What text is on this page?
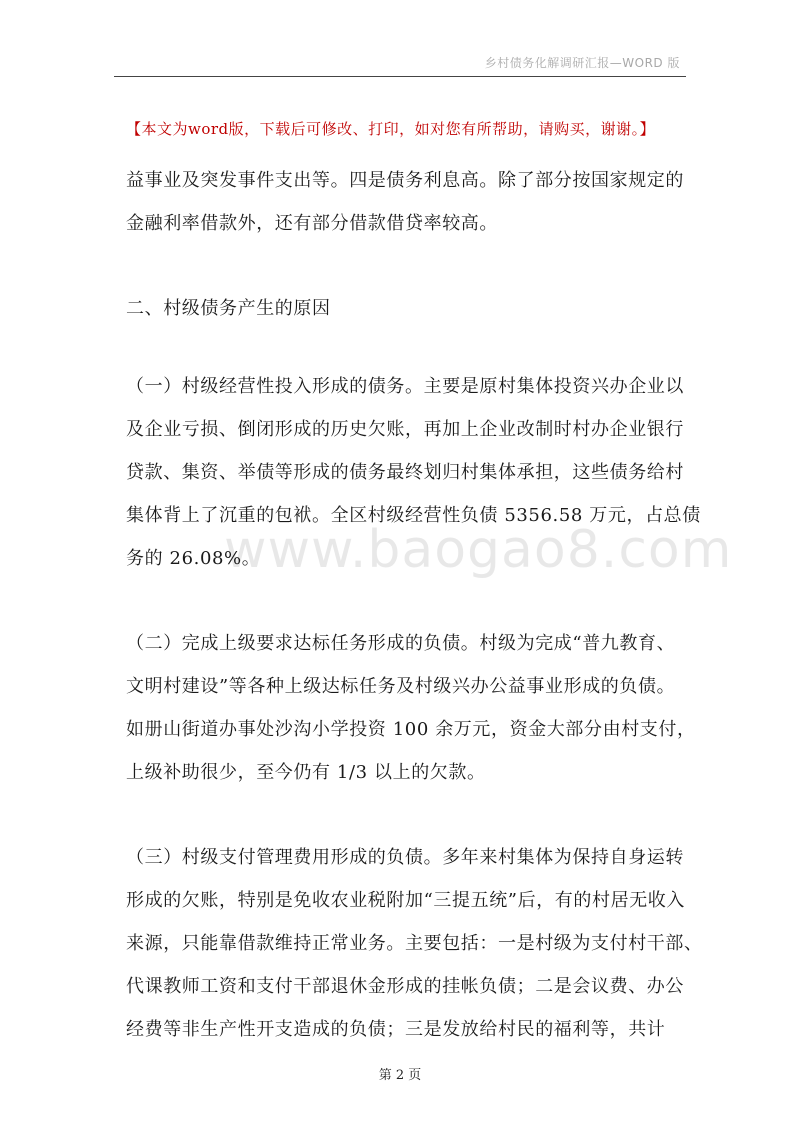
乡村债务化解调研汇报—WORD 版
【本文为word版，下载后可修改、打印，如对您有所帮助，请购买，谢谢。】
www.baogao8.com
益事业及突发事件支出等。四是债务利息高。除了部分按国家规定的
金融利率借款外，还有部分借款借贷率较高。
二、村级债务产生的原因
（一）村级经营性投入形成的债务。主要是原村集体投资兴办企业以
及企业亏损、倒闭形成的历史欠账，再加上企业改制时村办企业银行
贷款、集资、举债等形成的债务最终划归村集体承担，这些债务给村
集体背上了沉重的包袱。全区村级经营性负债 5356.58 万元，占总债
务的 26.08%。
（二）完成上级要求达标任务形成的负债。村级为完成“普九教育、
文明村建设”等各种上级达标任务及村级兴办公益事业形成的负债。
如册山街道办事处沙沟小学投资 100 余万元，资金大部分由村支付，
上级补助很少，至今仍有 1/3 以上的欠款。
（三）村级支付管理费用形成的负债。多年来村集体为保持自身运转
形成的欠账，特别是免收农业税附加“三提五统”后，有的村居无收入
来源，只能靠借款维持正常业务。主要包括：一是村级为支付村干部、
代课教师工资和支付干部退休金形成的挂帐负债；二是会议费、办公
经费等非生产性开支造成的负债；三是发放给村民的福利等，共计
第 2 页
